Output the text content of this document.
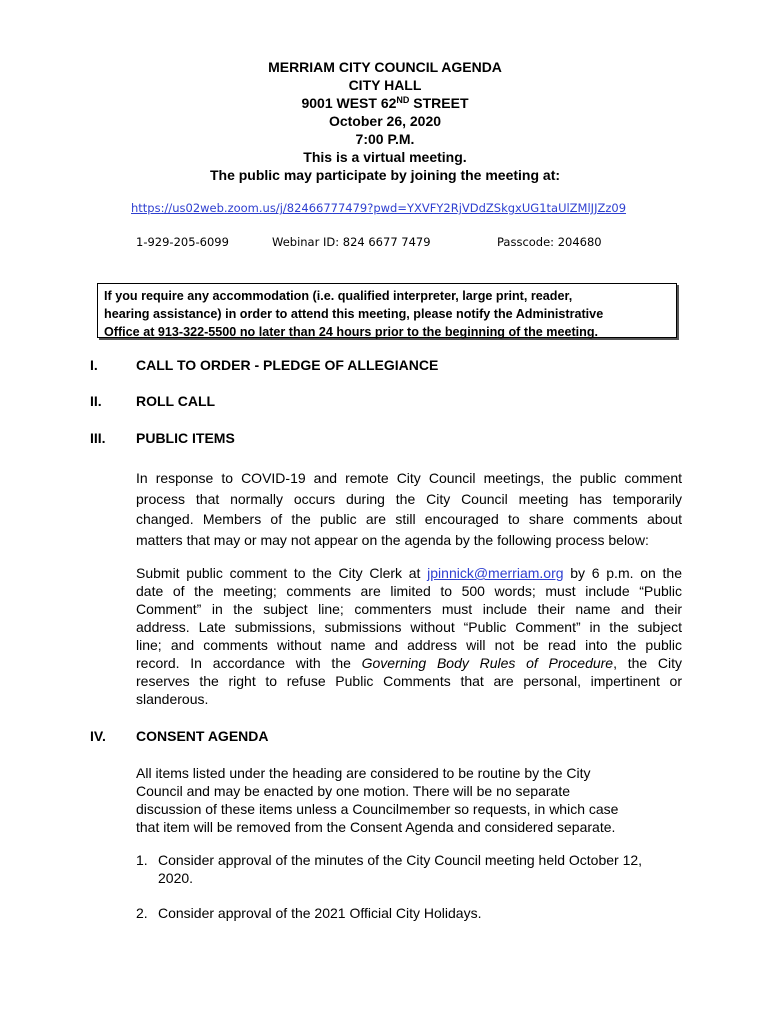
MERRIAM CITY COUNCIL AGENDA
CITY HALL
9001 WEST 62ND STREET
October 26, 2020
7:00 P.M.
This is a virtual meeting.
The public may participate by joining the meeting at:
https://us02web.zoom.us/j/82466777479?pwd=YXVFY2RjVDdZSkgxUG1taUlZMlJJZz09
1-929-205-6099	Webinar ID: 824 6677 7479	Passcode: 204680
If you require any accommodation (i.e. qualified interpreter, large print, reader,
hearing assistance) in order to attend this meeting, please notify the Administrative
Office at 913-322-5500 no later than 24 hours prior to the beginning of the meeting.
I.	CALL TO ORDER - PLEDGE OF ALLEGIANCE
II. ROLL CALL
III. PUBLIC ITEMS
In response to COVID-19 and remote City Council meetings, the public comment
process that normally occurs during the City Council meeting has temporarily
changed. Members of the public are still encouraged to share comments about
matters that may or may not appear on the agenda by the following process below:
Submit public comment to the City Clerk at jpinnick@merriam.org by 6 p.m. on the
date of the meeting; comments are limited to 500 words; must include “Public
Comment” in the subject line; commenters must include their name and their
address. Late submissions, submissions without “Public Comment” in the subject
line; and comments without name and address will not be read into the public
record. In accordance with the Governing Body Rules of Procedure, the City
reserves the right to refuse Public Comments that are personal, impertinent or
slanderous.
IV. CONSENT AGENDA
All items listed under the heading are considered to be routine by the City
Council and may be enacted by one motion. There will be no separate
discussion of these items unless a Councilmember so requests, in which case
that item will be removed from the Consent Agenda and considered separate.
1. Consider approval of the minutes of the City Council meeting held October 12,
2020.
2. Consider approval of the 2021 Official City Holidays.
